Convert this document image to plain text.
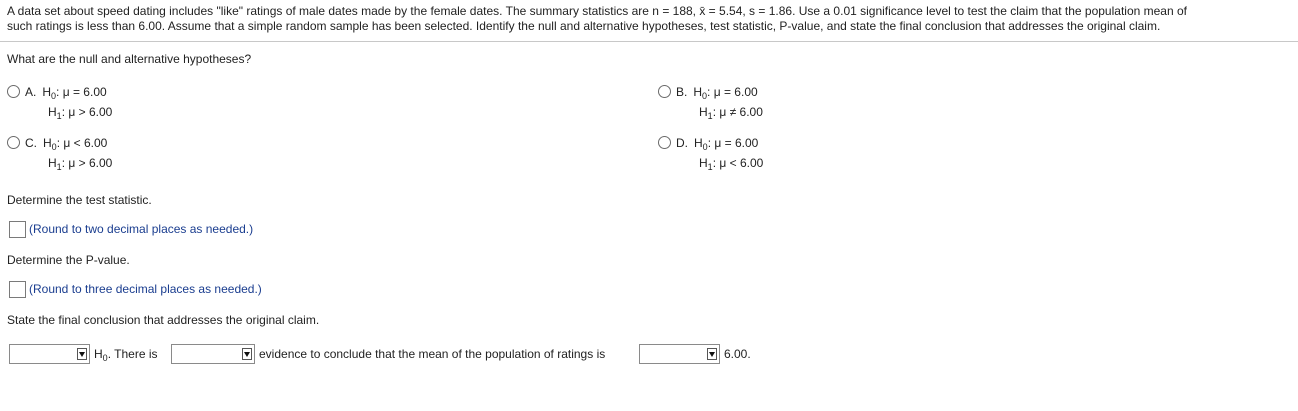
A data set about speed dating includes "like" ratings of male dates made by the female dates. The summary statistics are n = 188, x̄ = 5.54, s = 1.86. Use a 0.01 significance level to test the claim that the population mean of
such ratings is less than 6.00. Assume that a simple random sample has been selected. Identify the null and alternative hypotheses, test statistic, P-value, and state the final conclusion that addresses the original claim.
What are the null and alternative hypotheses?
A. $H_0$: μ = 6.00
$H_1$: μ > 6.00
B. $H_0$: μ = 6.00
$H_1$: μ ≠ 6.00
C. $H_0$: μ < 6.00
$H_1$: μ > 6.00
D. $H_0$: μ = 6.00
$H_1$: μ < 6.00
Determine the test statistic.
(Round to two decimal places as needed.)
Determine the P-value.
(Round to three decimal places as needed.)
State the final conclusion that addresses the original claim.
$H_0$. There is	evidence to conclude that the mean of the population of ratings is	6.00.
